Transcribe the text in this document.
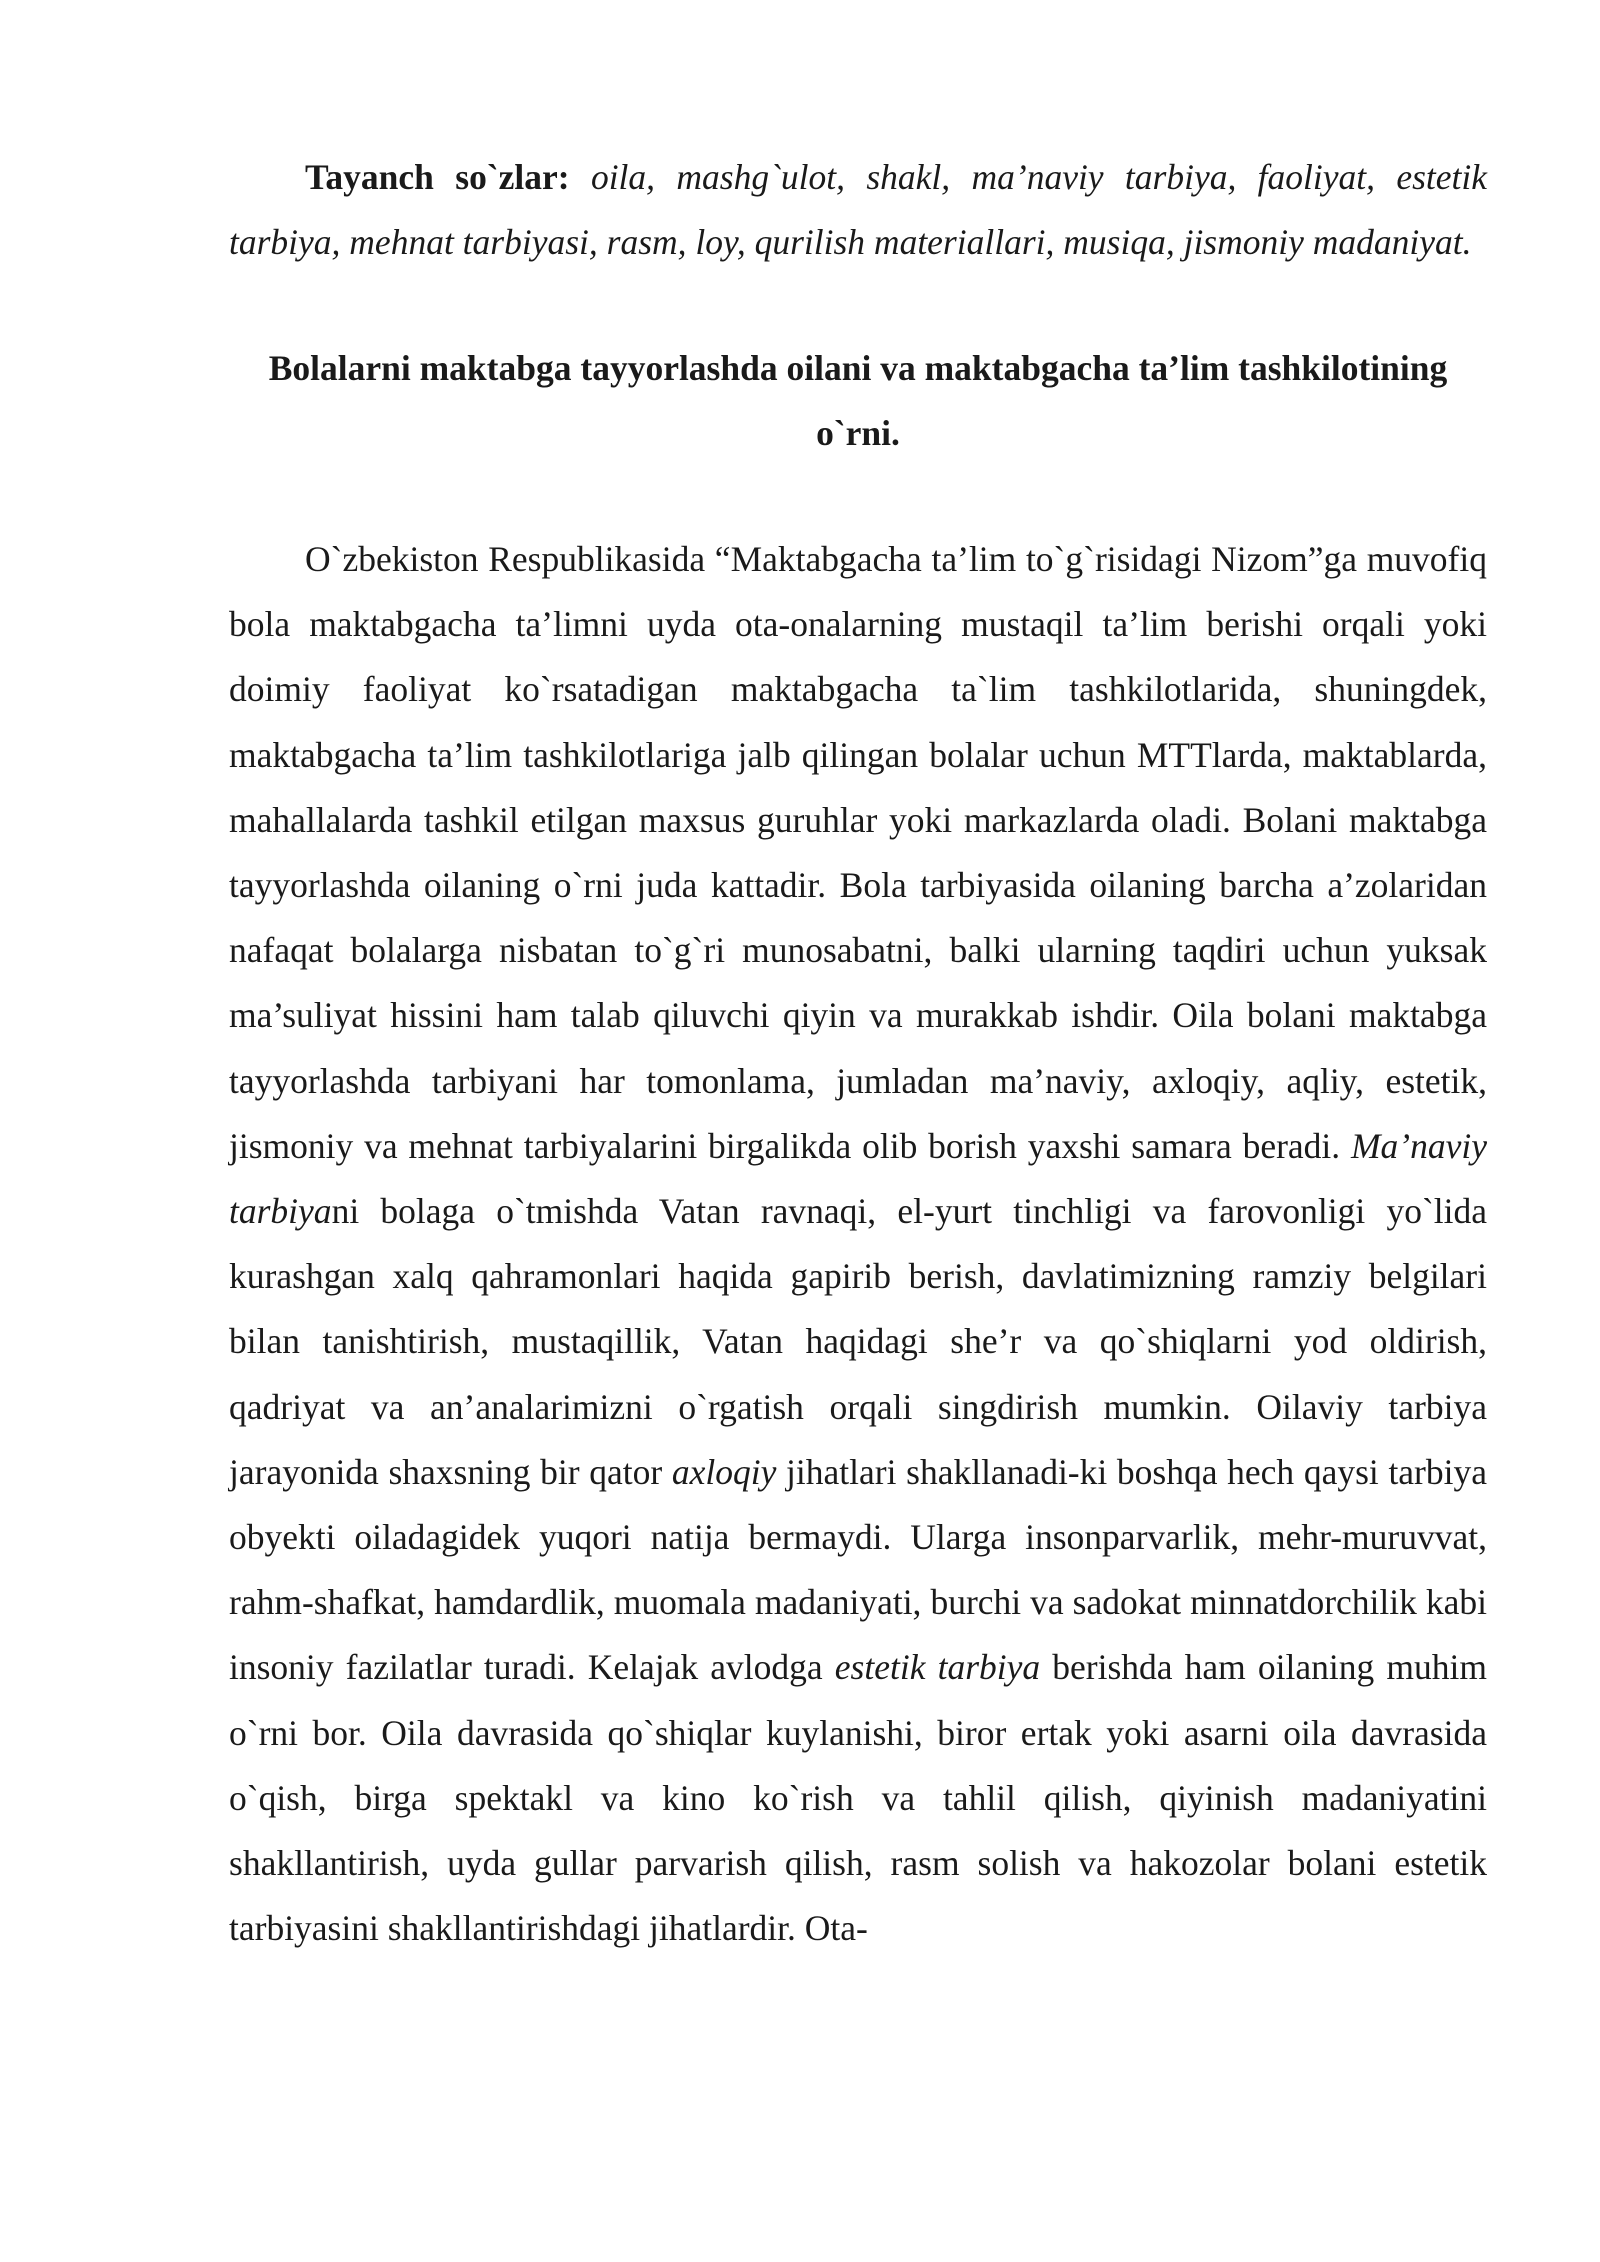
Tayanch so`zlar: oila, mashg`ulot, shakl, ma’naviy tarbiya, faoliyat, estetik tarbiya, mehnat tarbiyasi, rasm, loy, qurilish materiallari, musiqa, jismoniy madaniyat.

Bolalarni maktabga tayyorlashda oilani va maktabgacha ta’lim tashkilotining o`rni.

O`zbekiston Respublikasida “Maktabgacha ta’lim to`g`risidagi Nizom”ga muvofiq bola maktabgacha ta’limni uyda ota-onalarning mustaqil ta’lim berishi orqali yoki doimiy faoliyat ko`rsatadigan maktabgacha ta`lim tashkilotlarida, shuningdek, maktabgacha ta’lim tashkilotlariga jalb qilingan bolalar uchun MTTlarda, maktablarda, mahallalarda tashkil etilgan maxsus guruhlar yoki markazlarda oladi. Bolani maktabga tayyorlashda oilaning o`rni juda kattadir. Bola tarbiyasida oilaning barcha a’zolaridan nafaqat bolalarga nisbatan to`g`ri munosabatni, balki ularning taqdiri uchun yuksak ma’suliyat hissini ham talab qiluvchi qiyin va murakkab ishdir. Oila bolani maktabga tayyorlashda tarbiyani har tomonlama, jumladan ma’naviy, axloqiy, aqliy, estetik, jismoniy va mehnat tarbiyalarini birgalikda olib borish yaxshi samara beradi. Ma’naviy tarbiyani bolaga o`tmishda Vatan ravnaqi, el-yurt tinchligi va farovonligi yo`lida kurashgan xalq qahramonlari haqida gapirib berish, davlatimizning ramziy belgilari bilan tanishtirish, mustaqillik, Vatan haqidagi she’r va qo`shiqlarni yod oldirish, qadriyat va an’analarimizni o`rgatish orqali singdirish mumkin. Oilaviy tarbiya jarayonida shaxsning bir qator axloqiy jihatlari shakllanadi-ki boshqa hech qaysi tarbiya obyekti oiladagidek yuqori natija bermaydi. Ularga insonparvarlik, mehr-muruvvat, rahm-shafkat, hamdardlik, muomala madaniyati, burchi va sadokat minnatdorchilik kabi insoniy fazilatlar turadi. Kelajak avlodga estetik tarbiya berishda ham oilaning muhim o`rni bor. Oila davrasida qo`shiqlar kuylanishi, biror ertak yoki asarni oila davrasida o`qish, birga spektakl va kino ko`rish va tahlil qilish, qiyinish madaniyatini shakllantirish, uyda gullar parvarish qilish, rasm solish va hakozolar bolani estetik tarbiyasini shakllantirishdagi jihatlardir. Ota-
